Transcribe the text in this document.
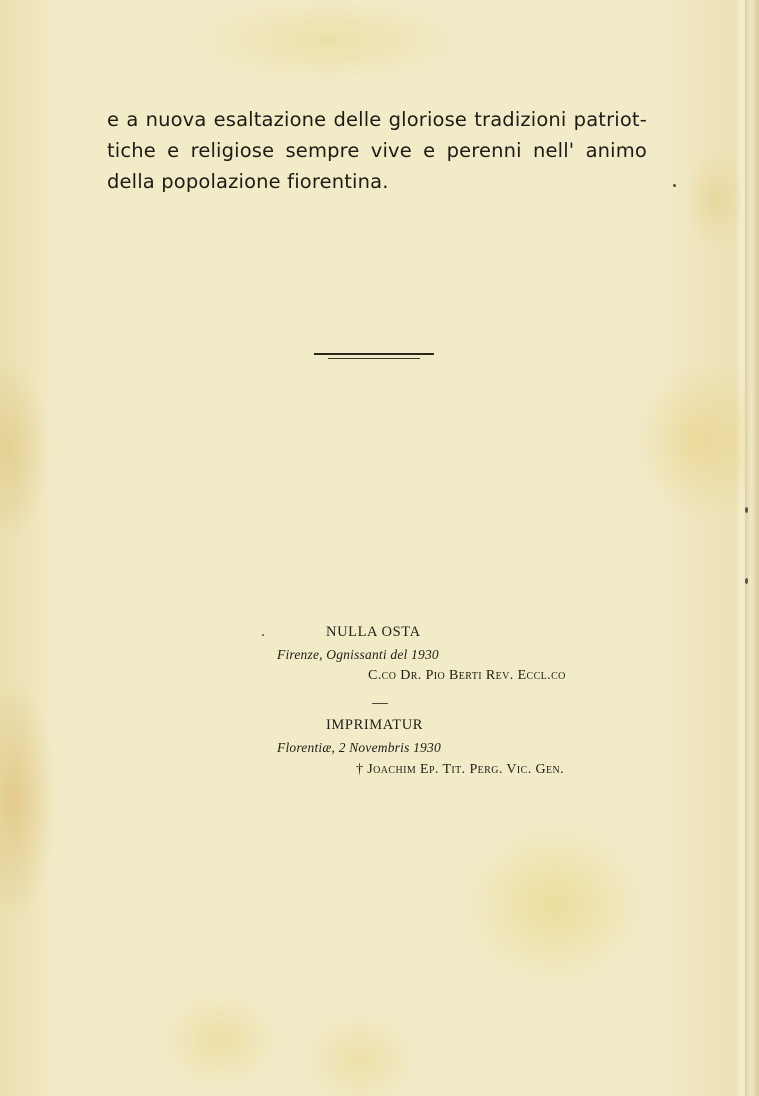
e a nuova esaltazione delle gloriose tradizioni patriot-
tiche e religiose sempre vive e perenni nell' animo
della popolazione fiorentina.
NULLA OSTA
Firenze, Ognissanti del 1930
C.co Dr. Pio Berti Rev. Eccl.co
IMPRIMATUR
Florentiæ, 2 Novembris 1930
† Joachim Ep. Tit. Perg. Vic. Gen.
